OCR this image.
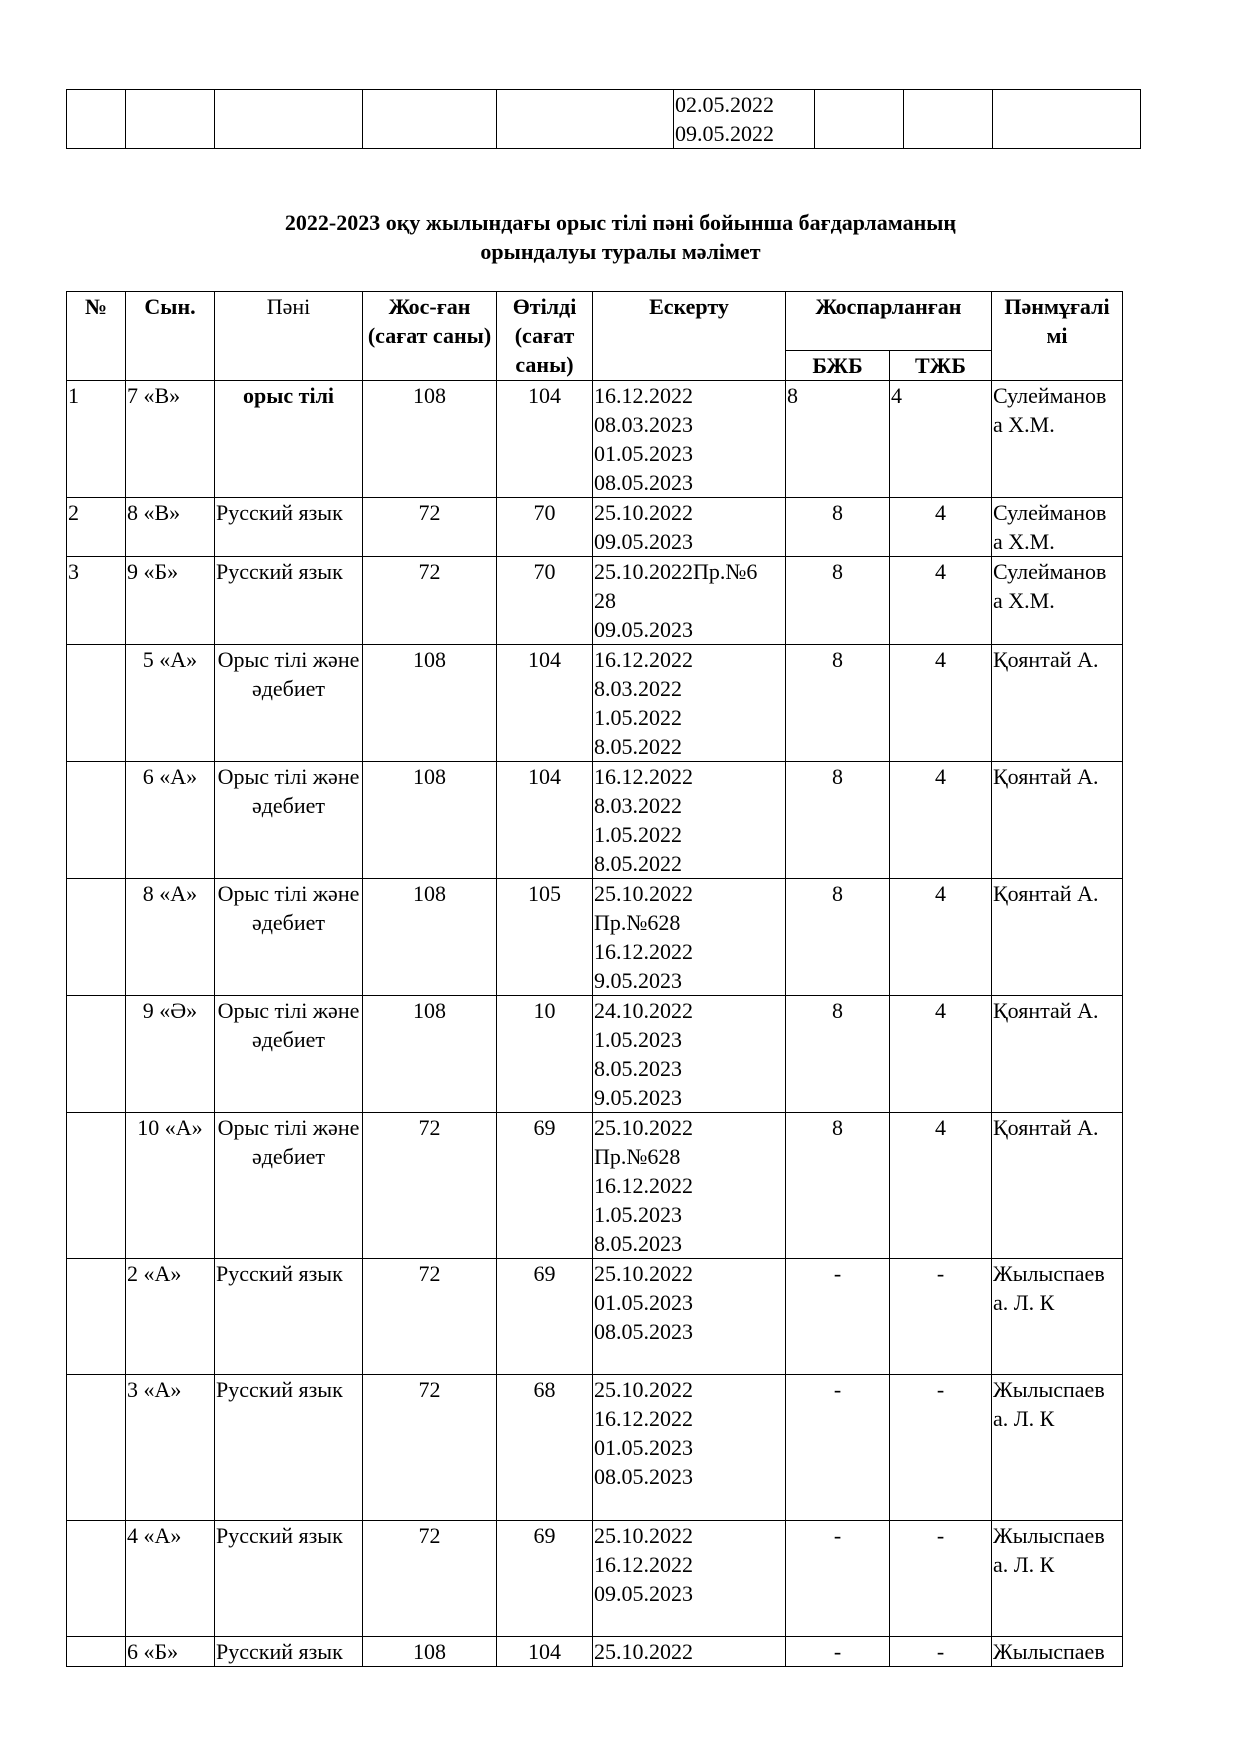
					02.05.2022
09.05.2022			
2022-2023 оқу жылындағы орыс тілі пәні бойынша бағдарламаның
орындалуы туралы мәлімет
№	Сын.	Пәні	Жос-ған (сағат саны)	Өтілді (сағат саны)	Ескерту	Жоспарланған		Пәнмұғалі мі
						БЖБ	ТЖБ	
1	7 «В»	орыс тілі	108	104	16.12.2022
08.03.2023
01.05.2023
08.05.2023	8	4	Сулейманов а Х.М.
2	8 «В»	Русский язык	72	70	25.10.2022
09.05.2023	8	4	Сулейманов а Х.М.
3	9 «Б»	Русский язык	72	70	25.10.2022Пр.№6 28
09.05.2023	8	4	Сулейманов а Х.М.
	5 «А»	Орыс тілі және әдебиет	108	104	16.12.2022
8.03.2022
1.05.2022
8.05.2022	8	4	Қоянтай А.
	6 «А»	Орыс тілі және әдебиет	108	104	16.12.2022
8.03.2022
1.05.2022
8.05.2022	8	4	Қоянтай А.
	8 «А»	Орыс тілі және әдебиет	108	105	25.10.2022
Пр.№628
16.12.2022
9.05.2023	8	4	Қоянтай А.
	9 «Ә»	Орыс тілі және әдебиет	108	10	24.10.2022
1.05.2023
8.05.2023
9.05.2023	8	4	Қоянтай А.
	10 «А»	Орыс тілі және әдебиет	72	69	25.10.2022
Пр.№628
16.12.2022
1.05.2023
8.05.2023	8	4	Қоянтай А.
	2 «А»	Русский язык	72	69	25.10.2022
01.05.2023
08.05.2023	-	-	Жылыспаев а. Л. К
	3 «А»	Русский язык	72	68	25.10.2022
16.12.2022
01.05.2023
08.05.2023	-	-	Жылыспаев а. Л. К
	4 «А»	Русский язык	72	69	25.10.2022
16.12.2022
09.05.2023	-	-	Жылыспаев а. Л. К
	6 «Б»	Русский язык	108	104	25.10.2022	-	-	Жылыспаев
